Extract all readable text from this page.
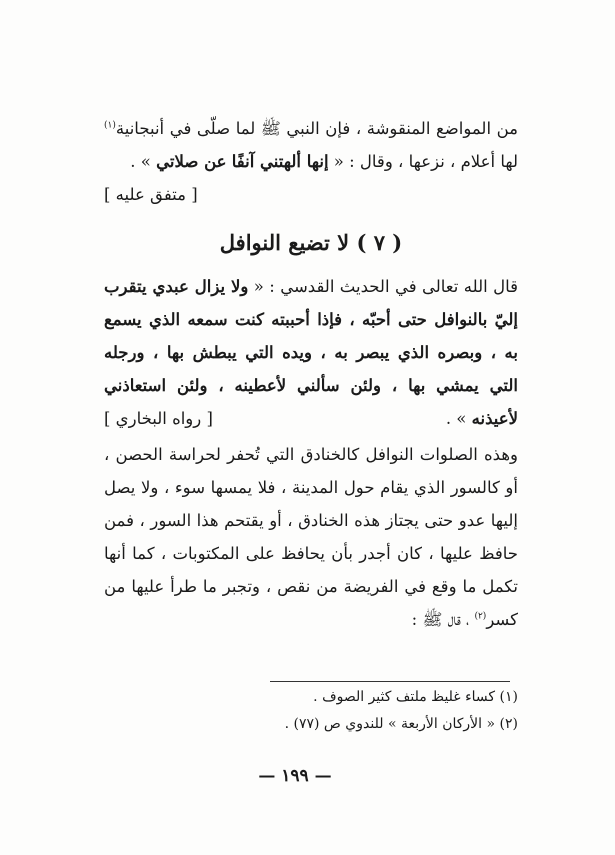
من المواضع المنقوشة ، فإن النبي ﷺ لما صلّى في أنبجانية$^{(١)}$ لها أعلام ، نزعها ، وقال : « إنها ألهتني آنفًا عن صلاتي » .
[ متفق عليه ]

( ٧ ) لا تضيع النوافل

قال الله تعالى في الحديث القدسي : « ولا يزال عبدي يتقرب إليّ بالنوافل حتى أحبّه ، فإذا أحببته كنت سمعه الذي يسمع به ، وبصره الذي يبصر به ، ويده التي يبطش بها ، ورجله التي يمشي بها ، ولئن سألني لأعطينه ، ولئن استعاذني لأعيذنه » .
[ رواه البخاري ]

وهذه الصلوات النوافل كالخنادق التي تُحفر لحراسة الحصن ، أو كالسور الذي يقام حول المدينة ، فلا يمسها سوء ، ولا يصل إليها عدو حتى يجتاز هذه الخنادق ، أو يقتحم هذا السور ، فمن حافظ عليها ، كان أجدر بأن يحافظ على المكتوبات ، كما أنها تكمل ما وقع في الفريضة من نقص ، وتجبر ما طرأ عليها من كسر$^{(٢)}$ ، قال ﷺ :

(١) كساء غليظ ملتف كثير الصوف .

(٢) « الأركان الأربعة » للندوي ص (٧٧) .

— ١٩٩ —
